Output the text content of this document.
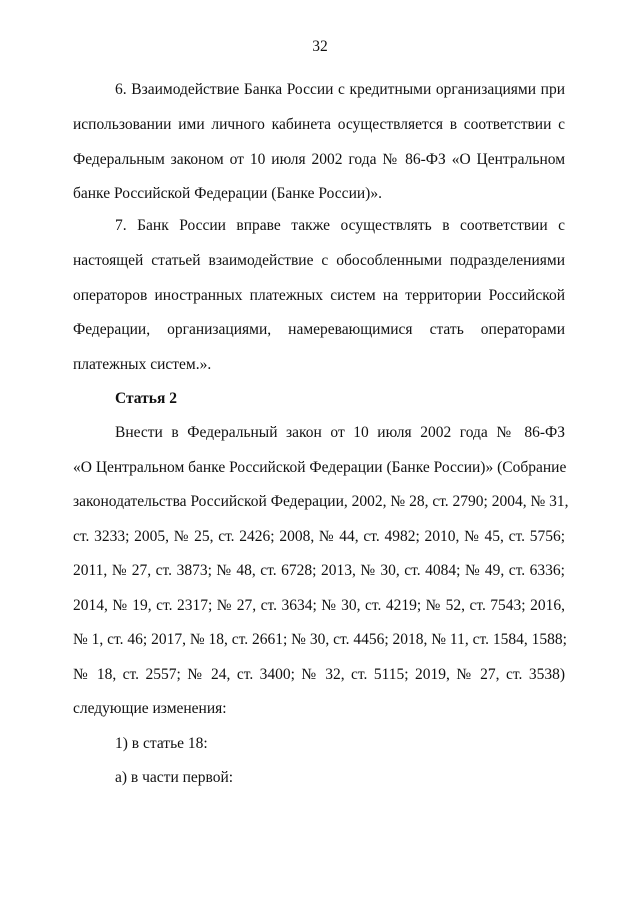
32
6. Взаимодействие Банка России с кредитными организациями при
использовании ими личного кабинета осуществляется в соответствии с
Федеральным законом от 10 июля 2002 года № 86-ФЗ «О Центральном
банке Российской Федерации (Банке России)».
7. Банк России вправе также осуществлять в соответствии с
настоящей статьей взаимодействие с обособленными подразделениями
операторов иностранных платежных систем на территории Российской
Федерации, организациями, намеревающимися стать операторами
платежных систем.».
Статья 2
Внести в Федеральный закон от 10 июля 2002 года № 86-ФЗ
«О Центральном банке Российской Федерации (Банке России)» (Собрание
законодательства Российской Федерации, 2002, № 28, ст. 2790; 2004, № 31,
ст. 3233; 2005, № 25, ст. 2426; 2008, № 44, ст. 4982; 2010, № 45, ст. 5756;
2011, № 27, ст. 3873; № 48, ст. 6728; 2013, № 30, ст. 4084; № 49, ст. 6336;
2014, № 19, ст. 2317; № 27, ст. 3634; № 30, ст. 4219; № 52, ст. 7543; 2016,
№ 1, ст. 46; 2017, № 18, ст. 2661; № 30, ст. 4456; 2018, № 11, ст. 1584, 1588;
№ 18, ст. 2557; № 24, ст. 3400; № 32, ст. 5115; 2019, № 27, ст. 3538)
следующие изменения:
1) в статье 18:
а) в части первой:
